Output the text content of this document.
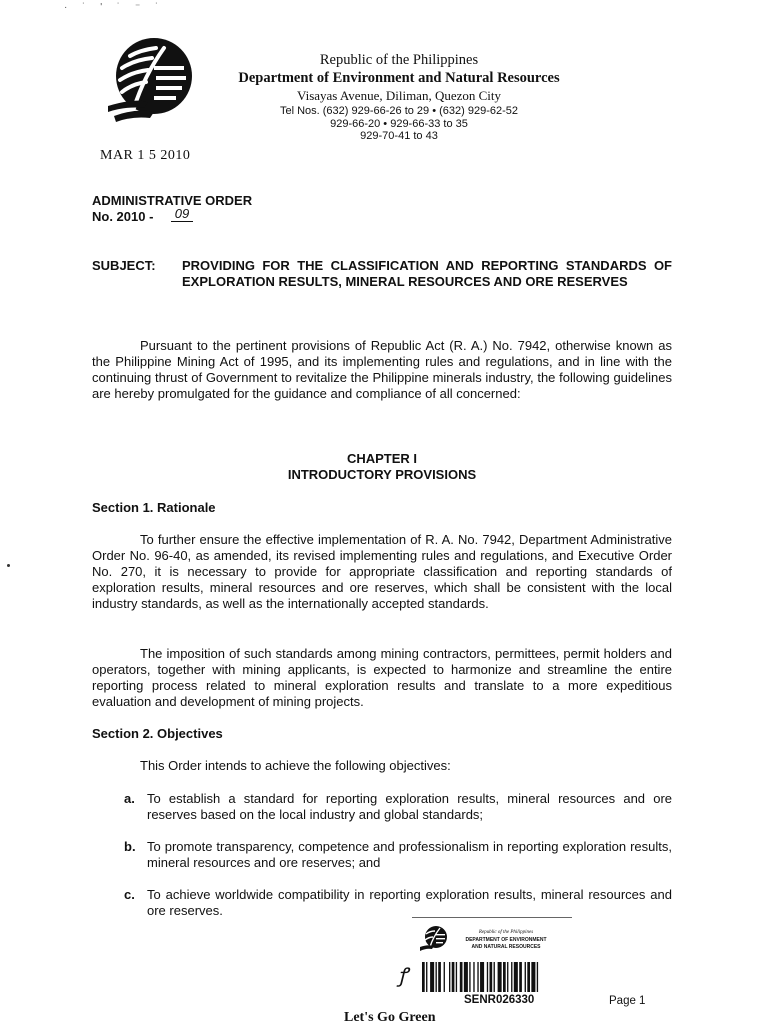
· ˙ ' ˙ ⁻ ˙
Republic of the Philippines
Department of Environment and Natural Resources
Visayas Avenue, Diliman, Quezon City
Tel Nos. (632) 929-66-26 to 29 • (632) 929-62-52
929-66-20 • 929-66-33 to 35
929-70-41 to 43
MAR 1 5 2010
ADMINISTRATIVE ORDER
No. 2010 - 09
SUBJECT: PROVIDING FOR THE CLASSIFICATION AND REPORTING STANDARDS OF EXPLORATION RESULTS, MINERAL RESOURCES AND ORE RESERVES
Pursuant to the pertinent provisions of Republic Act (R. A.) No. 7942, otherwise known as the Philippine Mining Act of 1995, and its implementing rules and regulations, and in line with the continuing thrust of Government to revitalize the Philippine minerals industry, the following guidelines are hereby promulgated for the guidance and compliance of all concerned:
CHAPTER I
INTRODUCTORY PROVISIONS
Section 1. Rationale
To further ensure the effective implementation of R. A. No. 7942, Department Administrative Order No. 96-40, as amended, its revised implementing rules and regulations, and Executive Order No. 270, it is necessary to provide for appropriate classification and reporting standards of exploration results, mineral resources and ore reserves, which shall be consistent with the local industry standards, as well as the internationally accepted standards.
The imposition of such standards among mining contractors, permittees, permit holders and operators, together with mining applicants, is expected to harmonize and streamline the entire reporting process related to mineral exploration results and translate to a more expeditious evaluation and development of mining projects.
Section 2. Objectives
This Order intends to achieve the following objectives:
a. To establish a standard for reporting exploration results, mineral resources and ore reserves based on the local industry and global standards;
b. To promote transparency, competence and professionalism in reporting exploration results, mineral resources and ore reserves; and
c. To achieve worldwide compatibility in reporting exploration results, mineral resources and ore reserves.
Republic of the Philippines
DEPARTMENT OF ENVIRONMENT
AND NATURAL RESOURCES
ꝭ
SENR026330	Page 1
Let's Go Green
